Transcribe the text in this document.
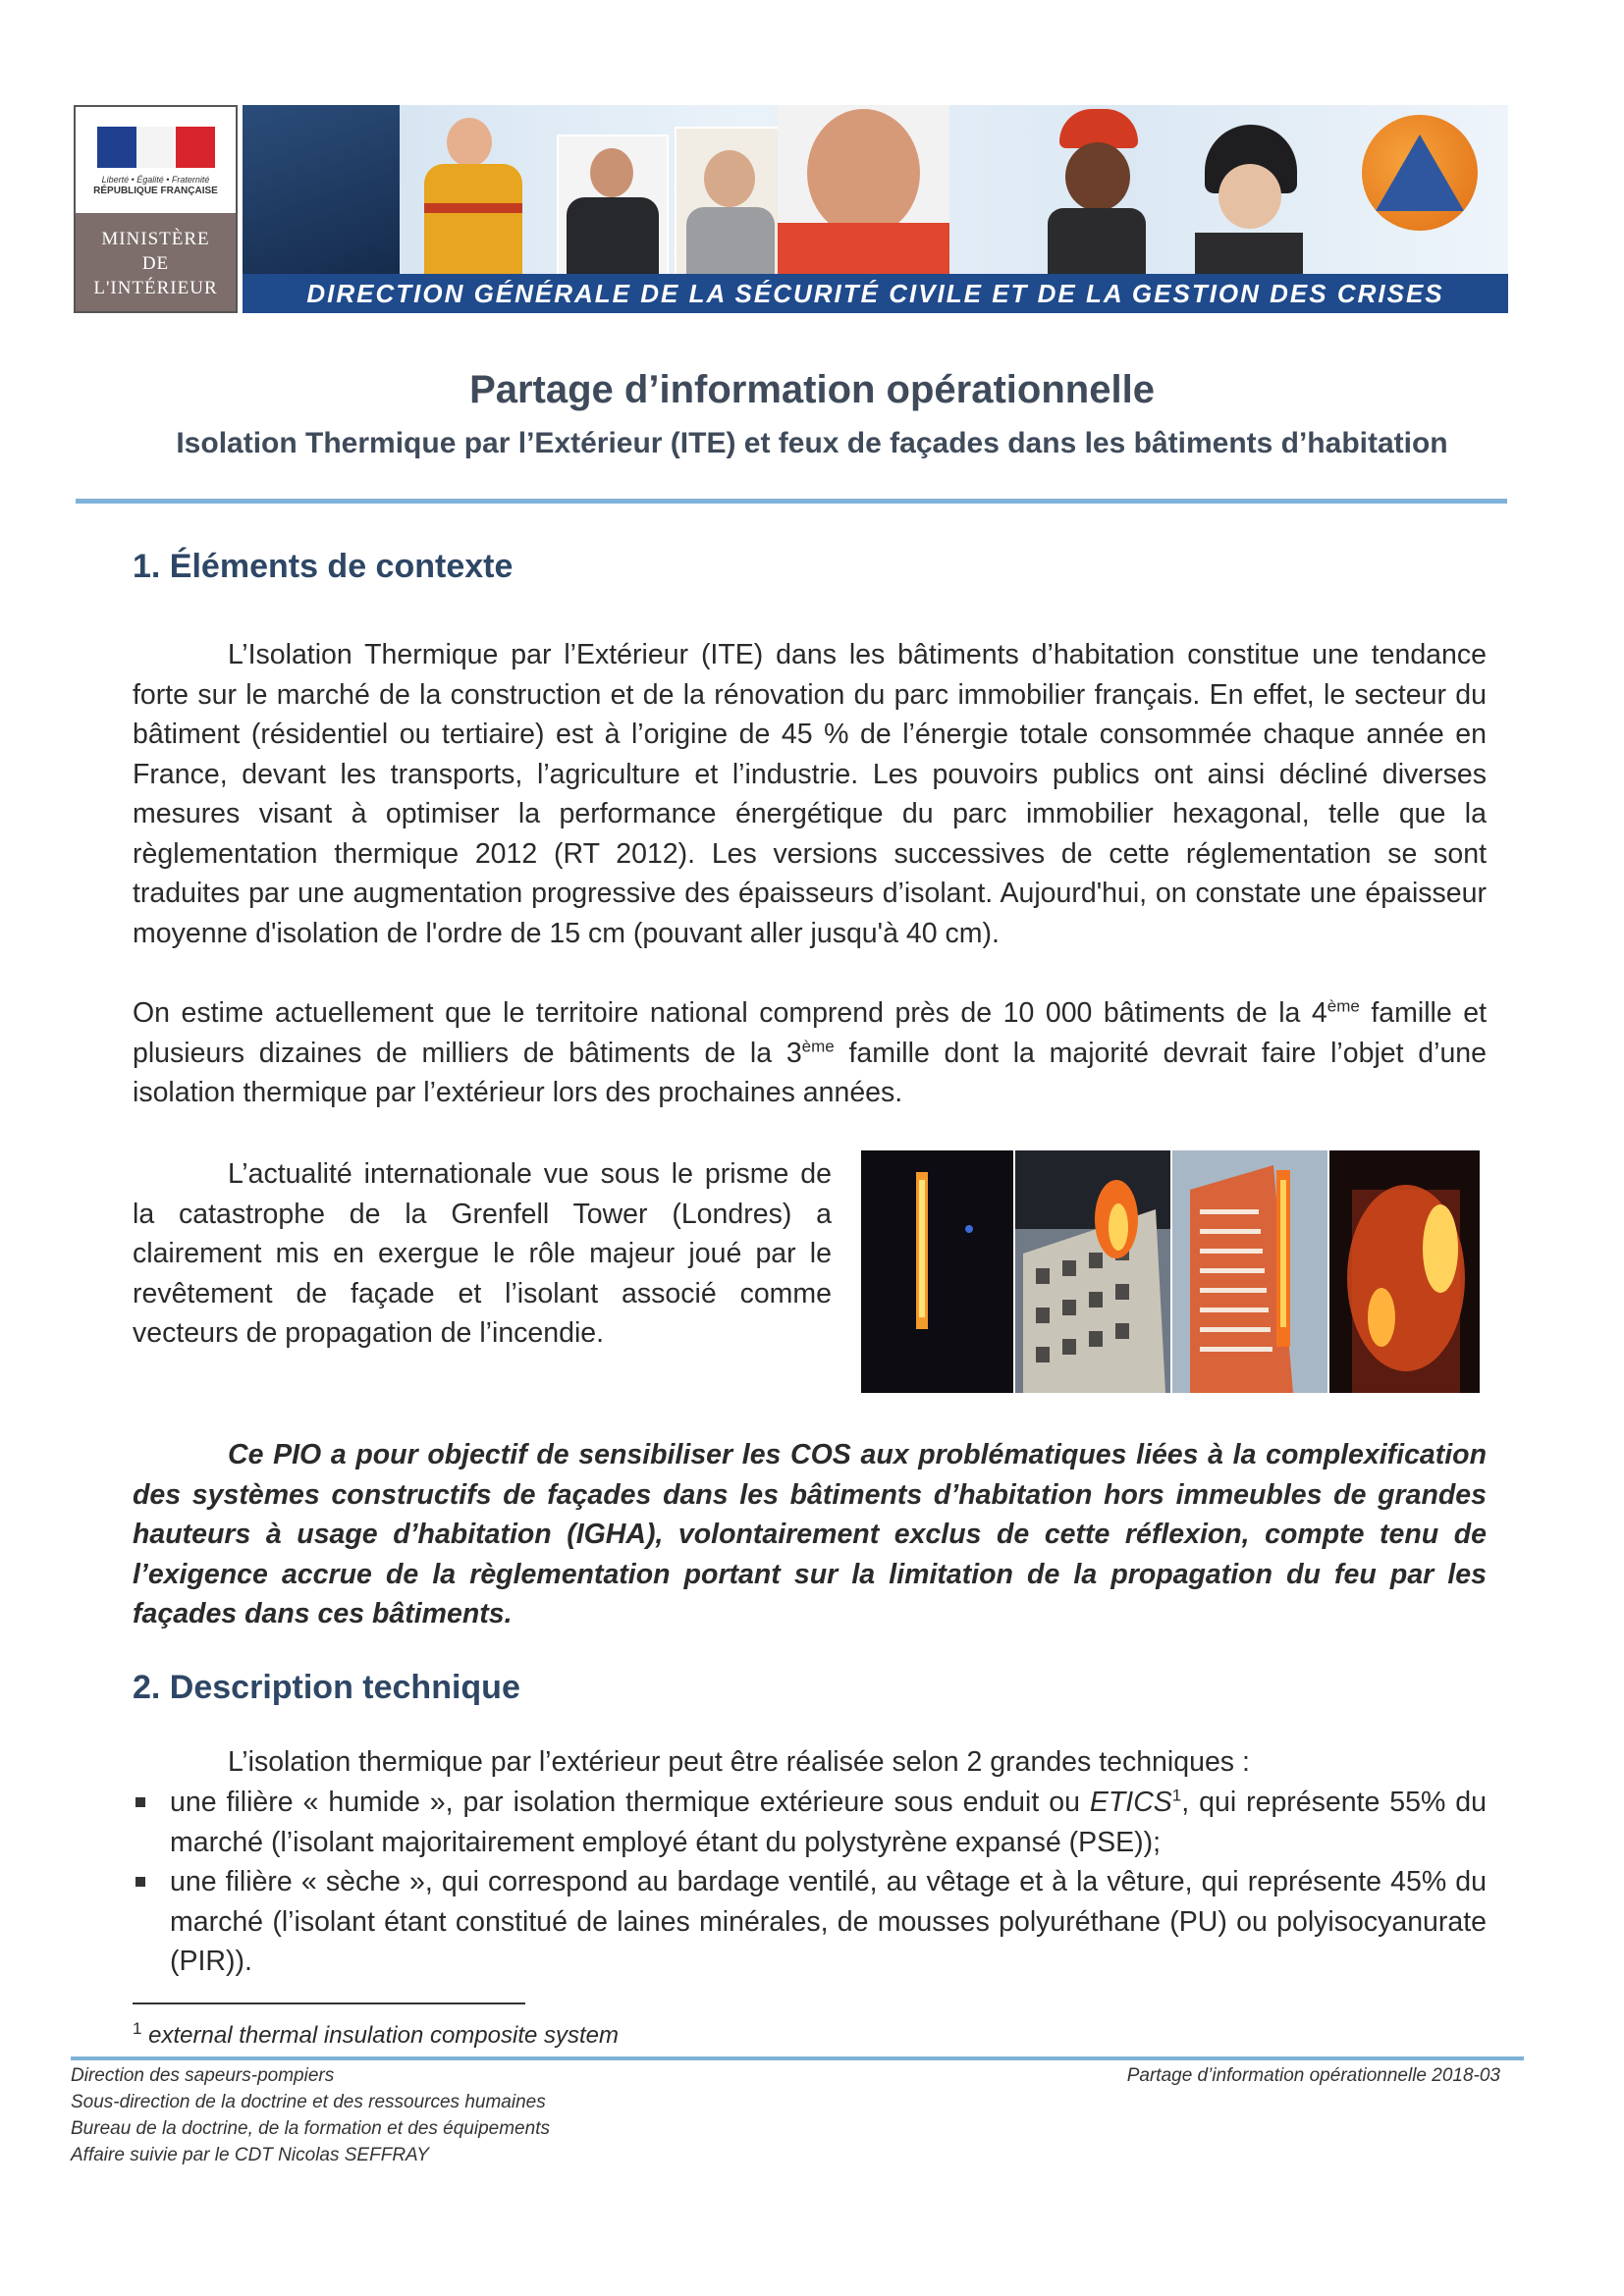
Liberté • Égalité • Fraternité
RÉPUBLIQUE FRANÇAISE
MINISTÈRE
DE
L'INTÉRIEUR	DIRECTION GÉNÉRALE DE LA SÉCURITÉ CIVILE ET DE LA GESTION DES CRISES
Partage d’information opérationnelle
Isolation Thermique par l’Extérieur (ITE) et feux de façades dans les bâtiments d’habitation
1. Éléments de contexte

L’Isolation Thermique par l’Extérieur (ITE) dans les bâtiments d’habitation constitue une tendance forte sur le marché de la construction et de la rénovation du parc immobilier français. En effet, le secteur du bâtiment (résidentiel ou tertiaire) est à l’origine de 45 % de l’énergie totale consommée chaque année en France, devant les transports, l’agriculture et l’industrie. Les pouvoirs publics ont ainsi décliné diverses mesures visant à optimiser la performance énergétique du parc immobilier hexagonal, telle que la règlementation thermique 2012 (RT 2012). Les versions successives de cette réglementation se sont traduites par une augmentation progressive des épaisseurs d’isolant. Aujourd'hui, on constate une épaisseur moyenne d'isolation de l'ordre de 15 cm (pouvant aller jusqu'à 40 cm).

On estime actuellement que le territoire national comprend près de 10 000 bâtiments de la 4ème famille et plusieurs dizaines de milliers de bâtiments de la 3ème famille dont la majorité devrait faire l’objet d’une isolation thermique par l’extérieur lors des prochaines années.

L’actualité internationale vue sous le prisme de la catastrophe de la Grenfell Tower (Londres) a clairement mis en exergue le rôle majeur joué par le revêtement de façade et l’isolant associé comme vecteurs de propagation de l’incendie.

Ce PIO a pour objectif de sensibiliser les COS aux problématiques liées à la complexification des systèmes constructifs de façades dans les bâtiments d’habitation hors immeubles de grandes hauteurs à usage d’habitation (IGHA), volontairement exclus de cette réflexion, compte tenu de l’exigence accrue de la règlementation portant sur la limitation de la propagation du feu par les façades dans ces bâtiments.

2. Description technique

L’isolation thermique par l’extérieur peut être réalisée selon 2 grandes techniques :

une filière « humide », par isolation thermique extérieure sous enduit ou ETICS$^1$, qui représente 55% du marché (l’isolant majoritairement employé étant du polystyrène expansé (PSE));
une filière « sèche », qui correspond au bardage ventilé, au vêtage et à la vêture, qui représente 45% du marché (l’isolant étant constitué de laines minérales, de mousses polyuréthane (PU) ou polyisocyanurate (PIR)).
$^1$ external thermal insulation composite system
Direction des sapeurs-pompiers
Sous-direction de la doctrine et des ressources humaines
Bureau de la doctrine, de la formation et des équipements
Affaire suivie par le CDT Nicolas SEFFRAY
Partage d’information opérationnelle 2018-03
